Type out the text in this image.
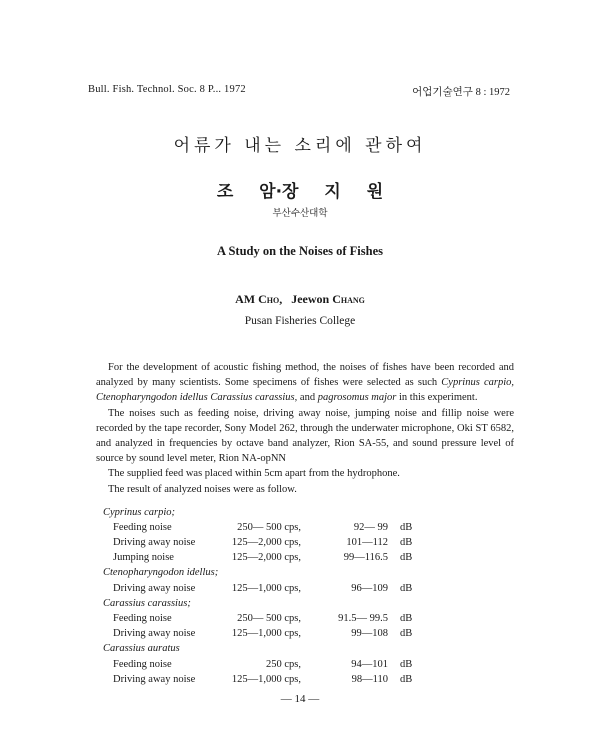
Bull. Fish. Technol. Soc. 8 P... 1972	어업기술연구 8 : 1972
어류가 내는 소리에 관하여
조 암·장 지 원
부산수산대학
A Study on the Noises of Fishes
AM Cho, Jeewon Chang
Pusan Fisheries College

For the development of acoustic fishing method, the noises of fishes have been recorded and analyzed by many scientists. Some specimens of fishes were selected as such Cyprinus carpio, Ctenopharyngodon idellus Carassius carassius, and pagrosomus major in this experiment.

The noises such as feeding noise, driving away noise, jumping noise and fillip noise were recorded by the tape recorder, Sony Model 262, through the underwater microphone, Oki ST 6582, and analyzed in frequencies by octave band analyzer, Rion SA-55, and sound pressure level of source by sound level meter, Rion NA-opNN

The supplied feed was placed within 5cm apart from the hydrophone.

The result of analyzed noises were as follow.

Cyprinus carpio;
Feeding noise	250— 500 cps,	92— 99 dB
Driving away noise	125—2,000 cps,	101—112 dB
Jumping noise	125—2,000 cps,	99—116.5 dB
Ctenopharyngodon idellus;
Driving away noise	125—1,000 cps,	96—109 dB
Carassius carassius;
Feeding noise	250— 500 cps,	91.5— 99.5 dB
Driving away noise	125—1,000 cps,	99—108 dB
Carassius auratus
Feeding noise	250 cps,	94—101 dB
Driving away noise	125—1,000 cps,	98—110 dB
— 14 —
